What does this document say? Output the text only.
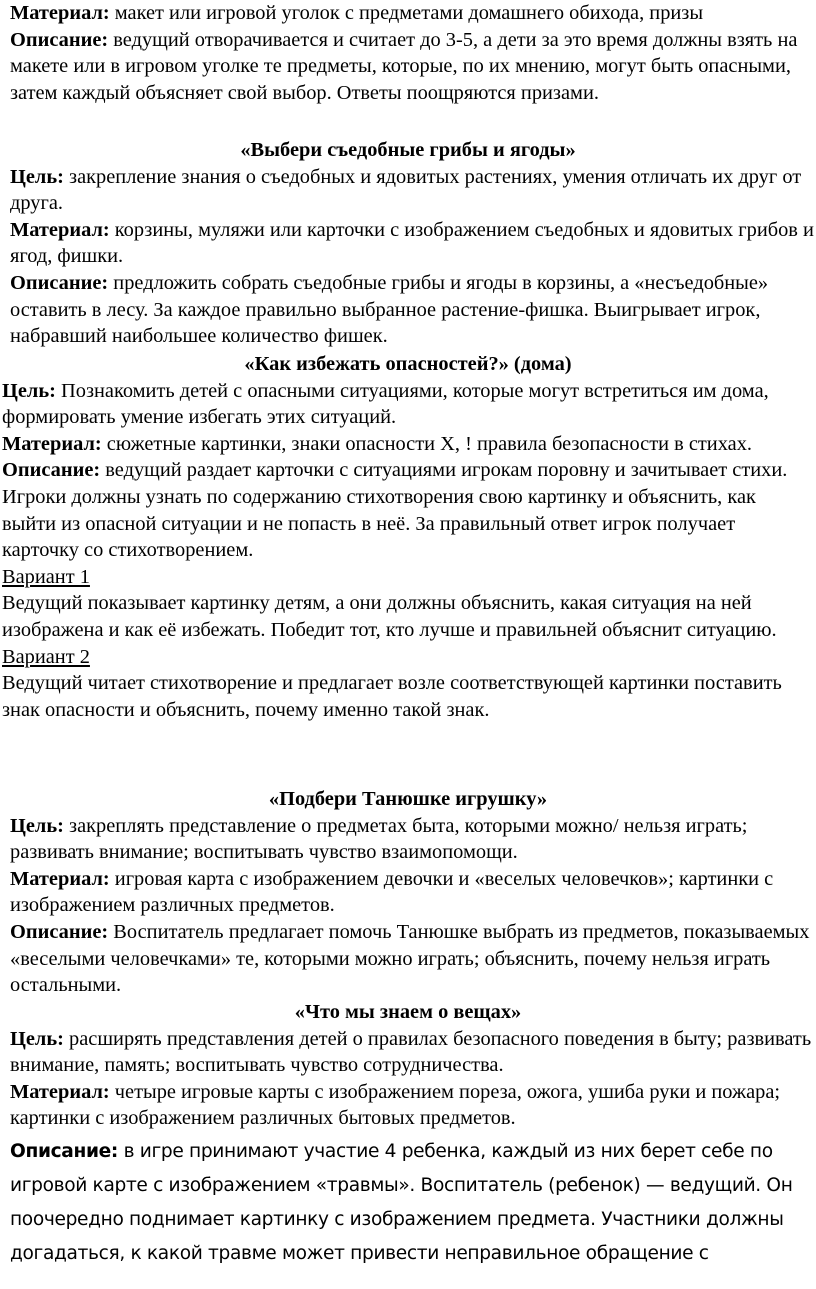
Материал: макет или игровой уголок с предметами домашнего обихода, призы

Описание: ведущий отворачивается и считает до 3-5, а дети за это время должны взять на макете или в игровом уголке те предметы, которые, по их мнению, могут быть опасными, затем каждый объясняет свой выбор. Ответы поощряются призами.

«Выбери съедобные грибы и ягоды»

Цель: закрепление знания о съедобных и ядовитых растениях, умения отличать их друг от друга.

Материал: корзины, муляжи или карточки с изображением съедобных и ядовитых грибов и ягод, фишки.

Описание: предложить собрать съедобные грибы и ягоды в корзины, а «несъедобные» оставить в лесу. За каждое правильно выбранное растение-фишка. Выигрывает игрок, набравший наибольшее количество фишек.

«Как избежать опасностей?» (дома)

Цель: Познакомить детей с опасными ситуациями, которые могут встретиться им дома, формировать умение избегать этих ситуаций.

Материал: сюжетные картинки, знаки опасности Х, ! правила безопасности в стихах.

Описание: ведущий раздает карточки с ситуациями игрокам поровну и зачитывает стихи. Игроки должны узнать по содержанию стихотворения свою картинку и объяснить, как выйти из опасной ситуации и не попасть в неё. За правильный ответ игрок получает карточку со стихотворением.

Вариант 1

Ведущий показывает картинку детям, а они должны объяснить, какая ситуация на ней изображена и как её избежать. Победит тот, кто лучше и правильней объяснит ситуацию.

Вариант 2

Ведущий читает стихотворение и предлагает возле соответствующей картинки поставить знак опасности и объяснить, почему именно такой знак.

«Подбери Танюшке игрушку»

Цель: закреплять представление о предметах быта, которыми можно/ нельзя играть; развивать внимание; воспитывать чувство взаимопомощи.

Материал: игровая карта с изображением девочки и «веселых человечков»; картинки с изображением различных предметов.

Описание: Воспитатель предлагает помочь Танюшке выбрать из предметов, показываемых «веселыми человечками» те, которыми можно играть; объяснить, почему нельзя играть остальными.

«Что мы знаем о вещах»

Цель: расширять представления детей о правилах безопасного поведения в быту; развивать внимание, память; воспитывать чувство сотрудничества.

Материал: четыре игровые карты с изображением пореза, ожога, ушиба руки и пожара; картинки с изображением различных бытовых предметов.

Описание: в игре принимают участие 4 ребенка, каждый из них берет себе по игровой карте с изображением «травмы». Воспитатель (ребенок) — ведущий. Он поочередно поднимает картинку с изображением предмета. Участники должны догадаться, к какой травме может привести неправильное обращение с
